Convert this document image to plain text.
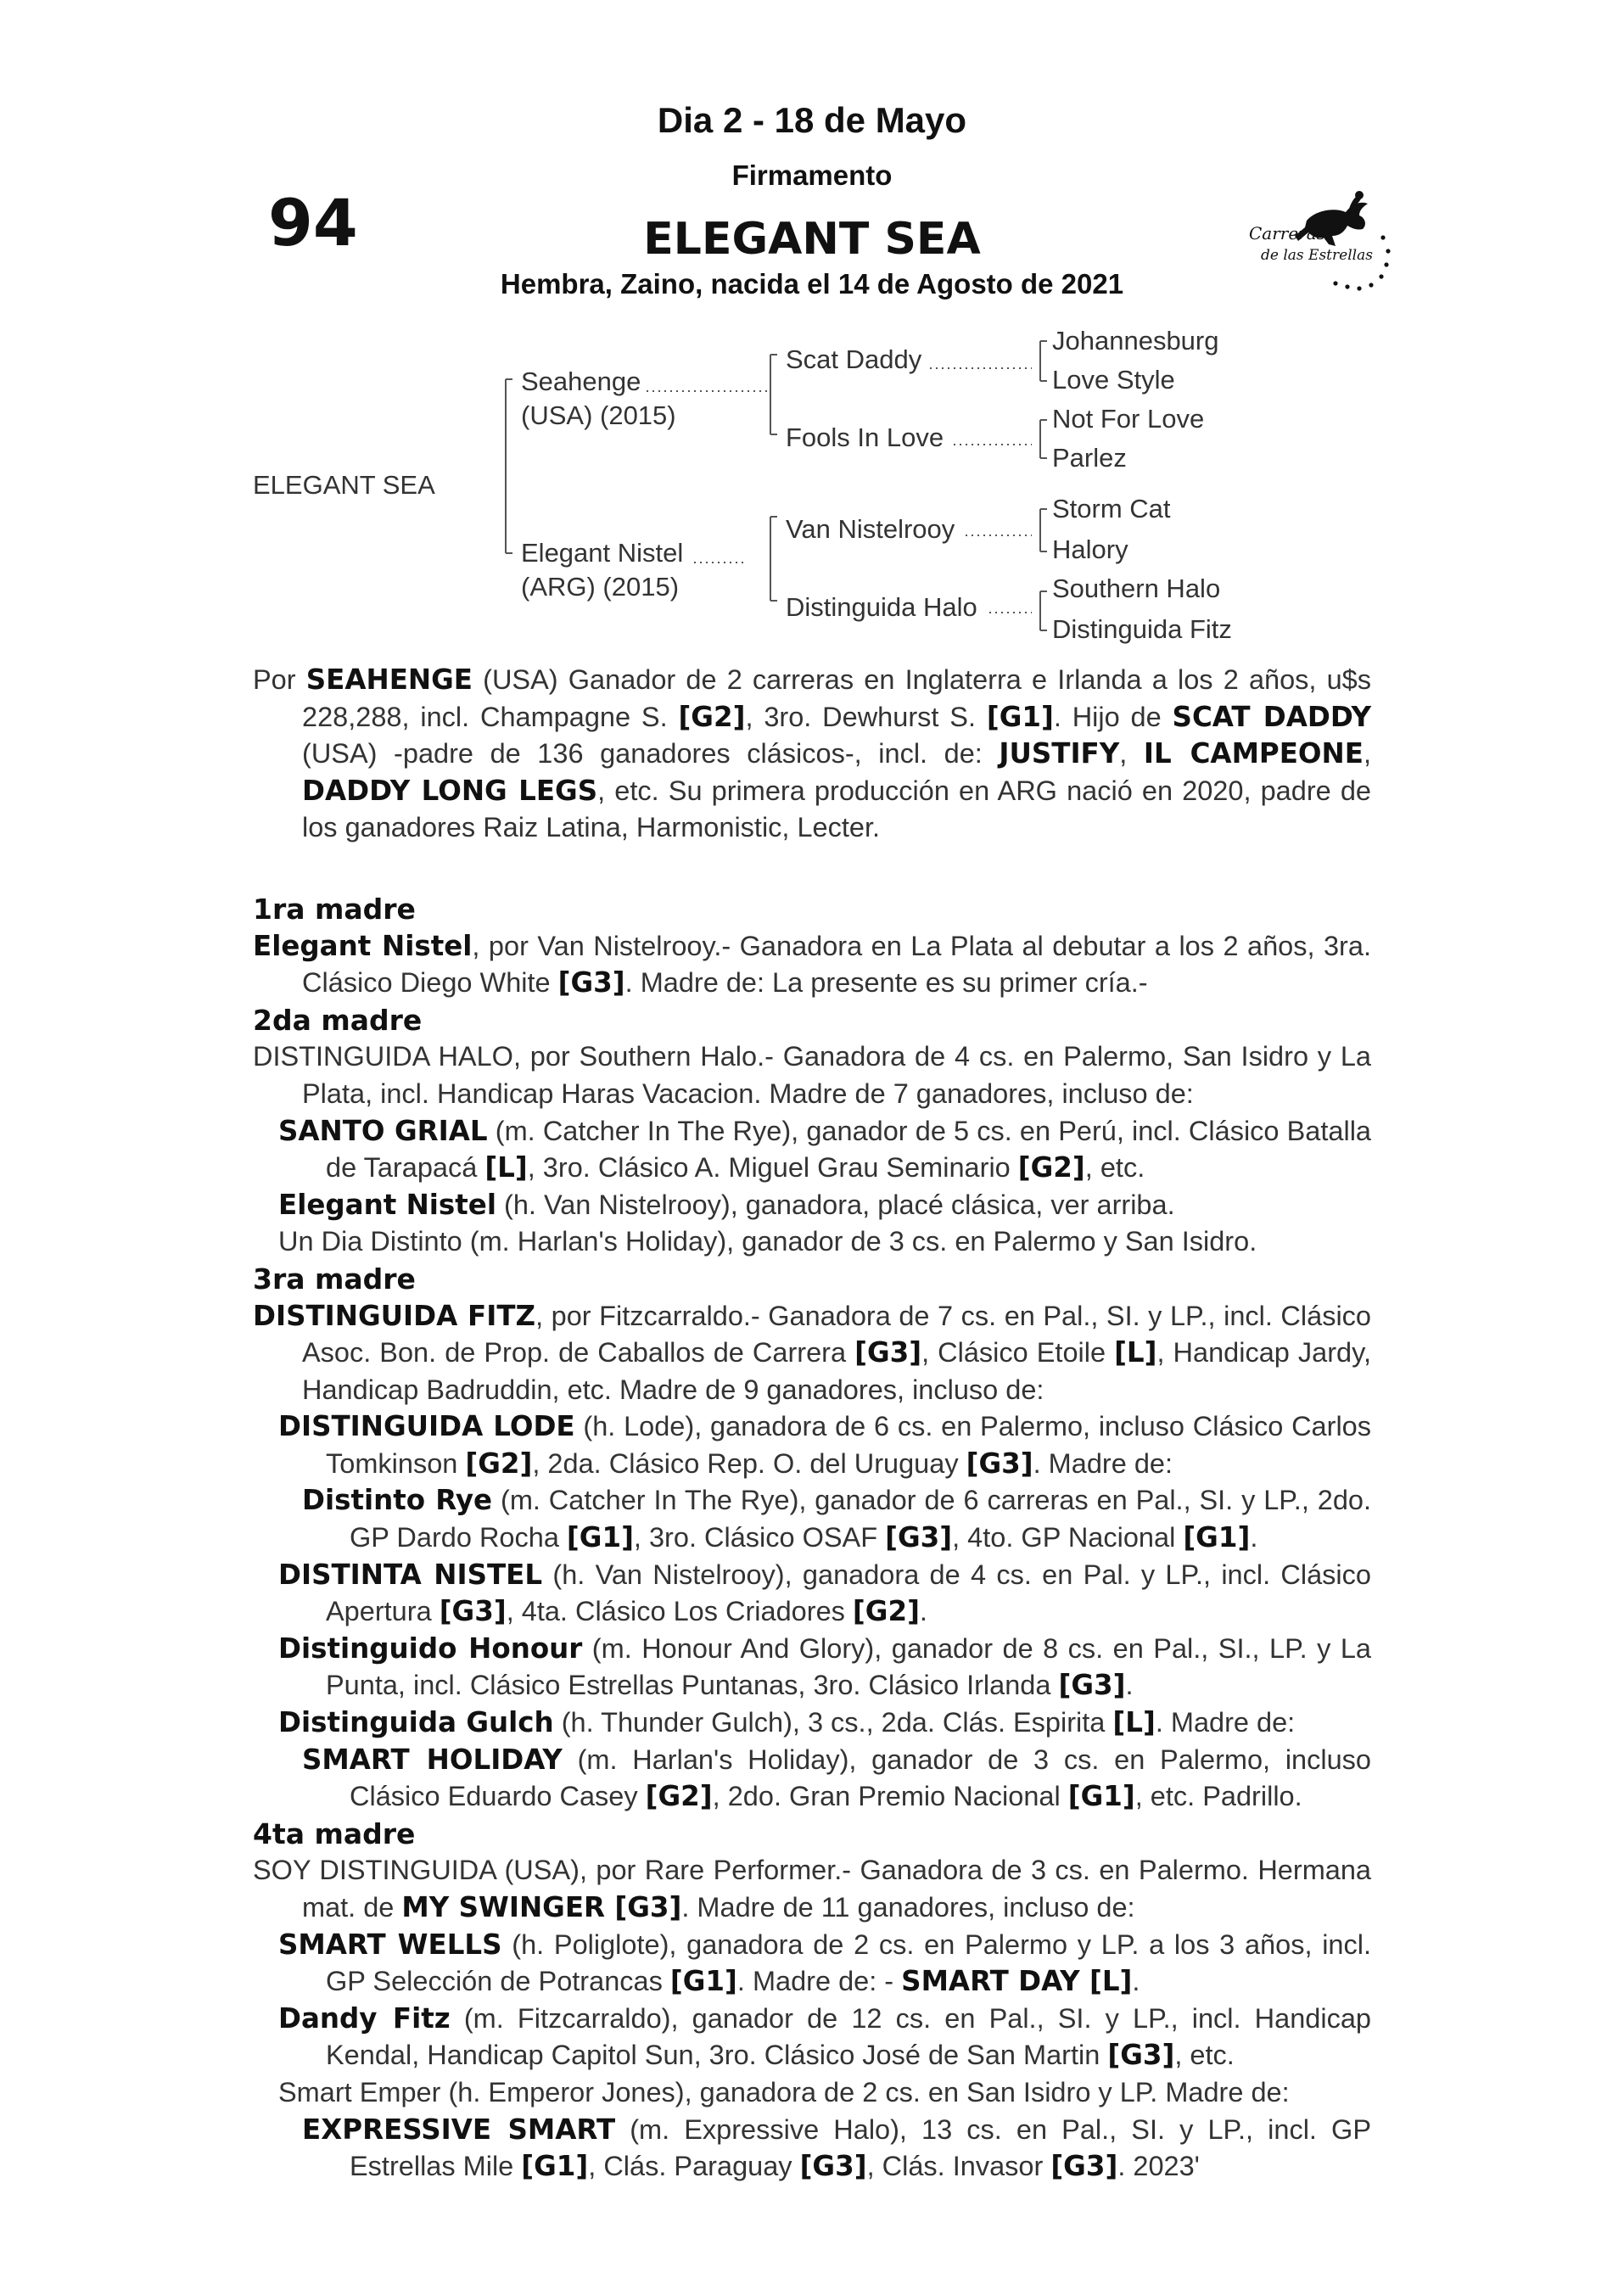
Dia 2 - 18 de Mayo
Firmamento
94	ELEGANT SEA
Hembra, Zaino, nacida el 14 de Agosto de 2021
Carreras
de las Estrellas
ELEGANT SEA
Seahenge
(USA) (2015)
Elegant Nistel
(ARG) (2015)
Scat Daddy
Fools In Love
Van Nistelrooy
Distinguida Halo
Johannesburg
Love Style
Not For Love
Parlez
Storm Cat
Halory
Southern Halo
Distinguida Fitz
Por SEAHENGE (USA) Ganador de 2 carreras en Inglaterra e Irlanda a los 2 años, u$s 228,288, incl. Champagne S. [G2], 3ro. Dewhurst S. [G1]. Hijo de SCAT DADDY (USA) -padre de 136 ganadores clásicos-, incl. de: JUSTIFY, IL CAMPEONE, DADDY LONG LEGS, etc. Su primera producción en ARG nació en 2020, padre de los ganadores Raiz Latina, Harmonistic, Lecter.
1ra madre
Elegant Nistel, por Van Nistelrooy.- Ganadora en La Plata al debutar a los 2 años, 3ra. Clásico Diego White [G3]. Madre de: La presente es su primer cría.-
2da madre
DISTINGUIDA HALO, por Southern Halo.- Ganadora de 4 cs. en Palermo, San Isidro y La Plata, incl. Handicap Haras Vacacion. Madre de 7 ganadores, incluso de:
SANTO GRIAL (m. Catcher In The Rye), ganador de 5 cs. en Perú, incl. Clásico Batalla de Tarapacá [L], 3ro. Clásico A. Miguel Grau Seminario [G2], etc.
Elegant Nistel (h. Van Nistelrooy), ganadora, placé clásica, ver arriba.
Un Dia Distinto (m. Harlan's Holiday), ganador de 3 cs. en Palermo y San Isidro.
3ra madre
DISTINGUIDA FITZ, por Fitzcarraldo.- Ganadora de 7 cs. en Pal., SI. y LP., incl. Clásico Asoc. Bon. de Prop. de Caballos de Carrera [G3], Clásico Etoile [L], Handicap Jardy, Handicap Badruddin, etc. Madre de 9 ganadores, incluso de:
DISTINGUIDA LODE (h. Lode), ganadora de 6 cs. en Palermo, incluso Clásico Carlos Tomkinson [G2], 2da. Clásico Rep. O. del Uruguay [G3]. Madre de:
Distinto Rye (m. Catcher In The Rye), ganador de 6 carreras en Pal., SI. y LP., 2do. GP Dardo Rocha [G1], 3ro. Clásico OSAF [G3], 4to. GP Nacional [G1].
DISTINTA NISTEL (h. Van Nistelrooy), ganadora de 4 cs. en Pal. y LP., incl. Clásico Apertura [G3], 4ta. Clásico Los Criadores [G2].
Distinguido Honour (m. Honour And Glory), ganador de 8 cs. en Pal., SI., LP. y La Punta, incl. Clásico Estrellas Puntanas, 3ro. Clásico Irlanda [G3].
Distinguida Gulch (h. Thunder Gulch), 3 cs., 2da. Clás. Espirita [L]. Madre de:
SMART HOLIDAY (m. Harlan's Holiday), ganador de 3 cs. en Palermo, incluso Clásico Eduardo Casey [G2], 2do. Gran Premio Nacional [G1], etc. Padrillo.
4ta madre
SOY DISTINGUIDA (USA), por Rare Performer.- Ganadora de 3 cs. en Palermo. Hermana mat. de MY SWINGER [G3]. Madre de 11 ganadores, incluso de:
SMART WELLS (h. Poliglote), ganadora de 2 cs. en Palermo y LP. a los 3 años, incl. GP Selección de Potrancas [G1]. Madre de: - SMART DAY [L].
Dandy Fitz (m. Fitzcarraldo), ganador de 12 cs. en Pal., SI. y LP., incl. Handicap Kendal, Handicap Capitol Sun, 3ro. Clásico José de San Martin [G3], etc.
Smart Emper (h. Emperor Jones), ganadora de 2 cs. en San Isidro y LP. Madre de:
EXPRESSIVE SMART (m. Expressive Halo), 13 cs. en Pal., SI. y LP., incl. GP Estrellas Mile [G1], Clás. Paraguay [G3], Clás. Invasor [G3]. 2023'
